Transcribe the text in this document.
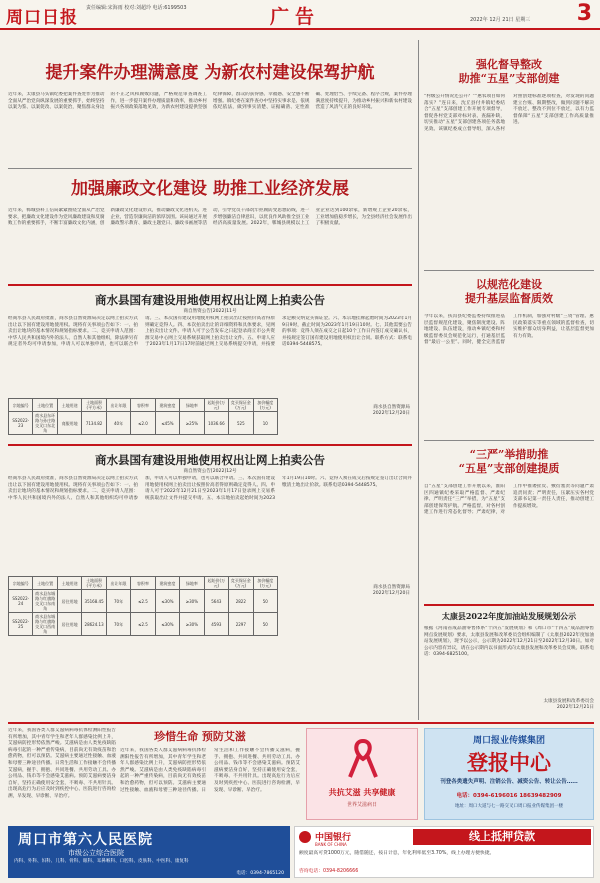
周口日报 责任编辑:宋海雨 校对:刘超玲 电话:6199503	广告	2022年 12月 21日 星期三 3
提升案件办理满意度 为新农村建设保驾护航
近年来，太康县马头镇纪委把案件查处作为推动全面从严治党向纵深发展的重要抓手，始终坚持以案为鉴、以案促改、以案促治，聚焦群众身边的不正之风和腐败问题，严格规范审查调查工作，进一步提升案件办理质量和效率，推动乡村振兴各项政策落地见效，为新农村建设提供坚强纪律保障，群众的获得感、幸福感、安全感不断增强。镇纪委在案件查办中坚持实事求是、依规依纪依法，做到事实清楚、证据确凿、定性准确、处理恰当、手续完备、程序合规，案件办理满意度持续提升，为推动乡村振兴和新农村建设营造了风清气正的良好环境。
加强廉政文化建设 助推工业经济发展
近年来，郸城县科工信局紧紧围绕全面从严治党要求，把廉政文化建设作为党风廉政建设和反腐败工作的重要抓手，不断丰富廉政文化内涵，创新廉政文化建设形式，推动廉政文化进机关、进企业，营造崇廉尚洁的浓厚氛围。该局通过开展廉政警示教育、廉政主题党日、廉政书画展等活动，引导党员干部筑牢拒腐防变思想防线，进一步增强廉洁自律意识，以优良作风助推全县工业经济高质量发展。2022年，郸城县规模以上工业企业达到100余家，新增规上企业20余家，工业增加值稳步增长，为全县经济社会发展作出了积极贡献。
商水县国有建设用地使用权出让网上拍卖公告
商自然资公告[2022]11号
经商水县人民政府批准，商水县自然资源局决定以网上拍卖方式出让以下国有建设用地使用权。现将有关事项公告如下：一、拍卖出让地块的基本情况和规划指标要求。二、竞买申请人范围：中华人民共和国境内外的法人、自然人和其他组织，除法律另有规定者外均可申请参加，申请人可以单独申请，也可以联合申请。三、本次国有建设用地使用权网上拍卖出让按照价高者得原则确定竞得人。四、本次拍卖出让的详细资料和具体要求，见网上拍卖出让文件。申请人可于公告发布之日起登录商丘市公共资源交易中心网上交易系统获取网上拍卖出让文件。五、申请人应于2023年1月17日17时前通过网上交易系统提交申请，并按要求足额交纳竞买保证金。六、本宗地挂牌起始时间为2023年1月9日9时，截止时间为2023年1月19日10时。七、其他需要公告的事项：竞得人须在成交之日起10个工作日内签订成交确认书，并按规定签订国有建设用地使用权出让合同。联系方式：联系电话0394-5448575。
宗地编号	土地位置	土地用途	土地面积(平方米)	出让年限	容积率	建筑密度	绿地率	起始价(万元)	竞买保证金(万元)	加价幅度(万元)
SS2022-23	商水县东环路与孙庄路交叉口东北角	商服用地	7134.82	40年	≤2.0	≤45%	≥25%	1036.66	525	10
商水县自然资源局
2022年12月20日
商水县国有建设用地使用权出让网上拍卖公告
商自然资公告[2022]12号
经商水县人民政府批准，商水县自然资源局决定以网上拍卖方式出让以下国有建设用地使用权。现将有关事项公告如下：一、拍卖出让地块的基本情况和规划指标要求。二、竞买申请人范围：中华人民共和国境内外的法人、自然人和其他组织均可申请参加，申请人可以单独申请，也可以联合申请。三、本次国有建设用地使用权网上拍卖出让按照价高者得原则确定竞得人。四、申请人可于2022年12月21日至2023年1月17日登录网上交易系统获取出让文件并提交申请。五、本宗地拍卖起始时间为2023年1月19日10时。六、竞得人须在成交后按规定签订出让合同并缴清土地出让价款。联系电话0394-5448575。
宗地编号	土地位置	土地用途	土地面积(平方米)	出让年限	容积率	建筑密度	绿地率	起始价(万元)	竞买保证金(万元)	加价幅度(万元)
SS2022-24	商水县东城路与红旗路交叉口东南角	居住用地	35168.45	70年	≤2.5	≤30%	≥30%	5643	2822	50
SS2022-25	商水县东城路与红旗路交叉口西南角	居住用地	28624.13	70年	≤2.5	≤30%	≥30%	4593	2297	50
商水县自然资源局
2022年12月20日
强化督导整改
助推“五星”支部创建
“村级公开情况还公开？”“惠农项目如何落实？”连日来，沈丘县付井镇纪委结合“五星”支部创建工作开展专项督导，督促各村党支部对标对表、查漏补缺，切实推动“五星”支部创建各项任务落地见效。该镇纪委成立督导组，深入各村对照创建标准逐项检查，对发现的问题建立台账、限期整改，做到问题不解决不放过、整改不到位不放过，以有力监督保障“五星”支部创建工作高质量推进。
以规范化建设
提升基层监督质效
今年以来，扶沟县纪委监委持续推进基层监督规范化建设，聚焦制度建设、阵地建设、队伍建设，推动乡镇纪委和村级监督委员会规范化运行，打通基层监督“最后一公里”。同时，健全完善监督工作机制，加强对村级“三资”管理、惠民政策落实等重点领域的监督检查，切实维护群众切身利益，让基层监督更加有力有效。
“三严”举措助推
“五星”支部创建提质
自“五星”支部创建工作开展以来，淮阳区四通镇纪委采取严格监督、严肃纪律、严明责任“三严”举措，为“五星”支部创建保驾护航。严格监督，对各村创建工作进行常态化督导；严肃纪律，对工作中推诿扯皮、敷衍塞责等问题严肃追责问责；严明责任，压紧压实各村党支部书记第一责任人责任，推动创建工作提质增效。
太康县2022年度加油站发展规划公示
根据《河南省成品油零售体系“十四五”发展规划》和《周口市“十四五”成品油零售网点发展规划》要求，太康县发展和改革委员会组织编制了《太康县2022年度加油站发展规划》，现予以公示，公示期为2022年12月21日至2022年12月30日。如对公示内容有异议，请在公示期内以书面形式向太康县发展和改革委员会反映。联系电话：0394-6825100。
太康县发展和改革委员会
2022年12月21日
珍惜生命 预防艾滋
近年来，我国各类人群艾滋病病毒抗体检测阳性报告有所增加，其中青年学生和老年人群感染比例上升，艾滋病防控形势依然严峻。艾滋病是由人类免疫缺陷病毒引起的一种严重传染病，目前尚无有效疫苗和治愈药物，但可以预防。艾滋病主要通过性接触、血液和母婴三种途径传播。日常生活和工作接触不会传播艾滋病，握手、拥抱、共同进餐、共用劳动工具、办公用品、钱币等不会感染艾滋病。预防艾滋病要洁身自好，坚持正确使用安全套，不吸毒、不共用针具。出现高危行为后应及时到疾控中心、医院进行咨询检测，早发现、早诊断、早治疗。
近年来，我国各类人群艾滋病病毒抗体检测阳性报告有所增加，其中青年学生和老年人群感染比例上升，艾滋病防控形势依然严峻。艾滋病是由人类免疫缺陷病毒引起的一种严重传染病，目前尚无有效疫苗和治愈药物，但可以预防。艾滋病主要通过性接触、血液和母婴三种途径传播。日常生活和工作接触不会传播艾滋病，握手、拥抱、共同进餐、共用劳动工具、办公用品、钱币等不会感染艾滋病。预防艾滋病要洁身自好，坚持正确使用安全套，不吸毒、不共用针具。出现高危行为后应及时到疾控中心、医院进行咨询检测，早发现、早诊断、早治疗。	共抗艾滋 共享健康
世界艾滋病日
周口报业传媒集团
登报中心
刊登各类遗失声明、注销公告、减资公告、转让公告……
电话：0394-6196016 18639482909
地址：周口大道与七一路交叉口周口报业传媒集团一楼
周口市第六人民医院
市级公立综合医院
内科、外科、妇科、儿科、骨科、眼科、耳鼻喉科、口腔科、皮肤科、中医科、康复科
电话：0394-7865120
中国银行
BANK OF CHINA
线上抵押贷款
额度最高可贷1000万元，随借随还，按日计息，年化利率低至3.70%，线上办理方便快捷。
咨询电话：0394-8206666
